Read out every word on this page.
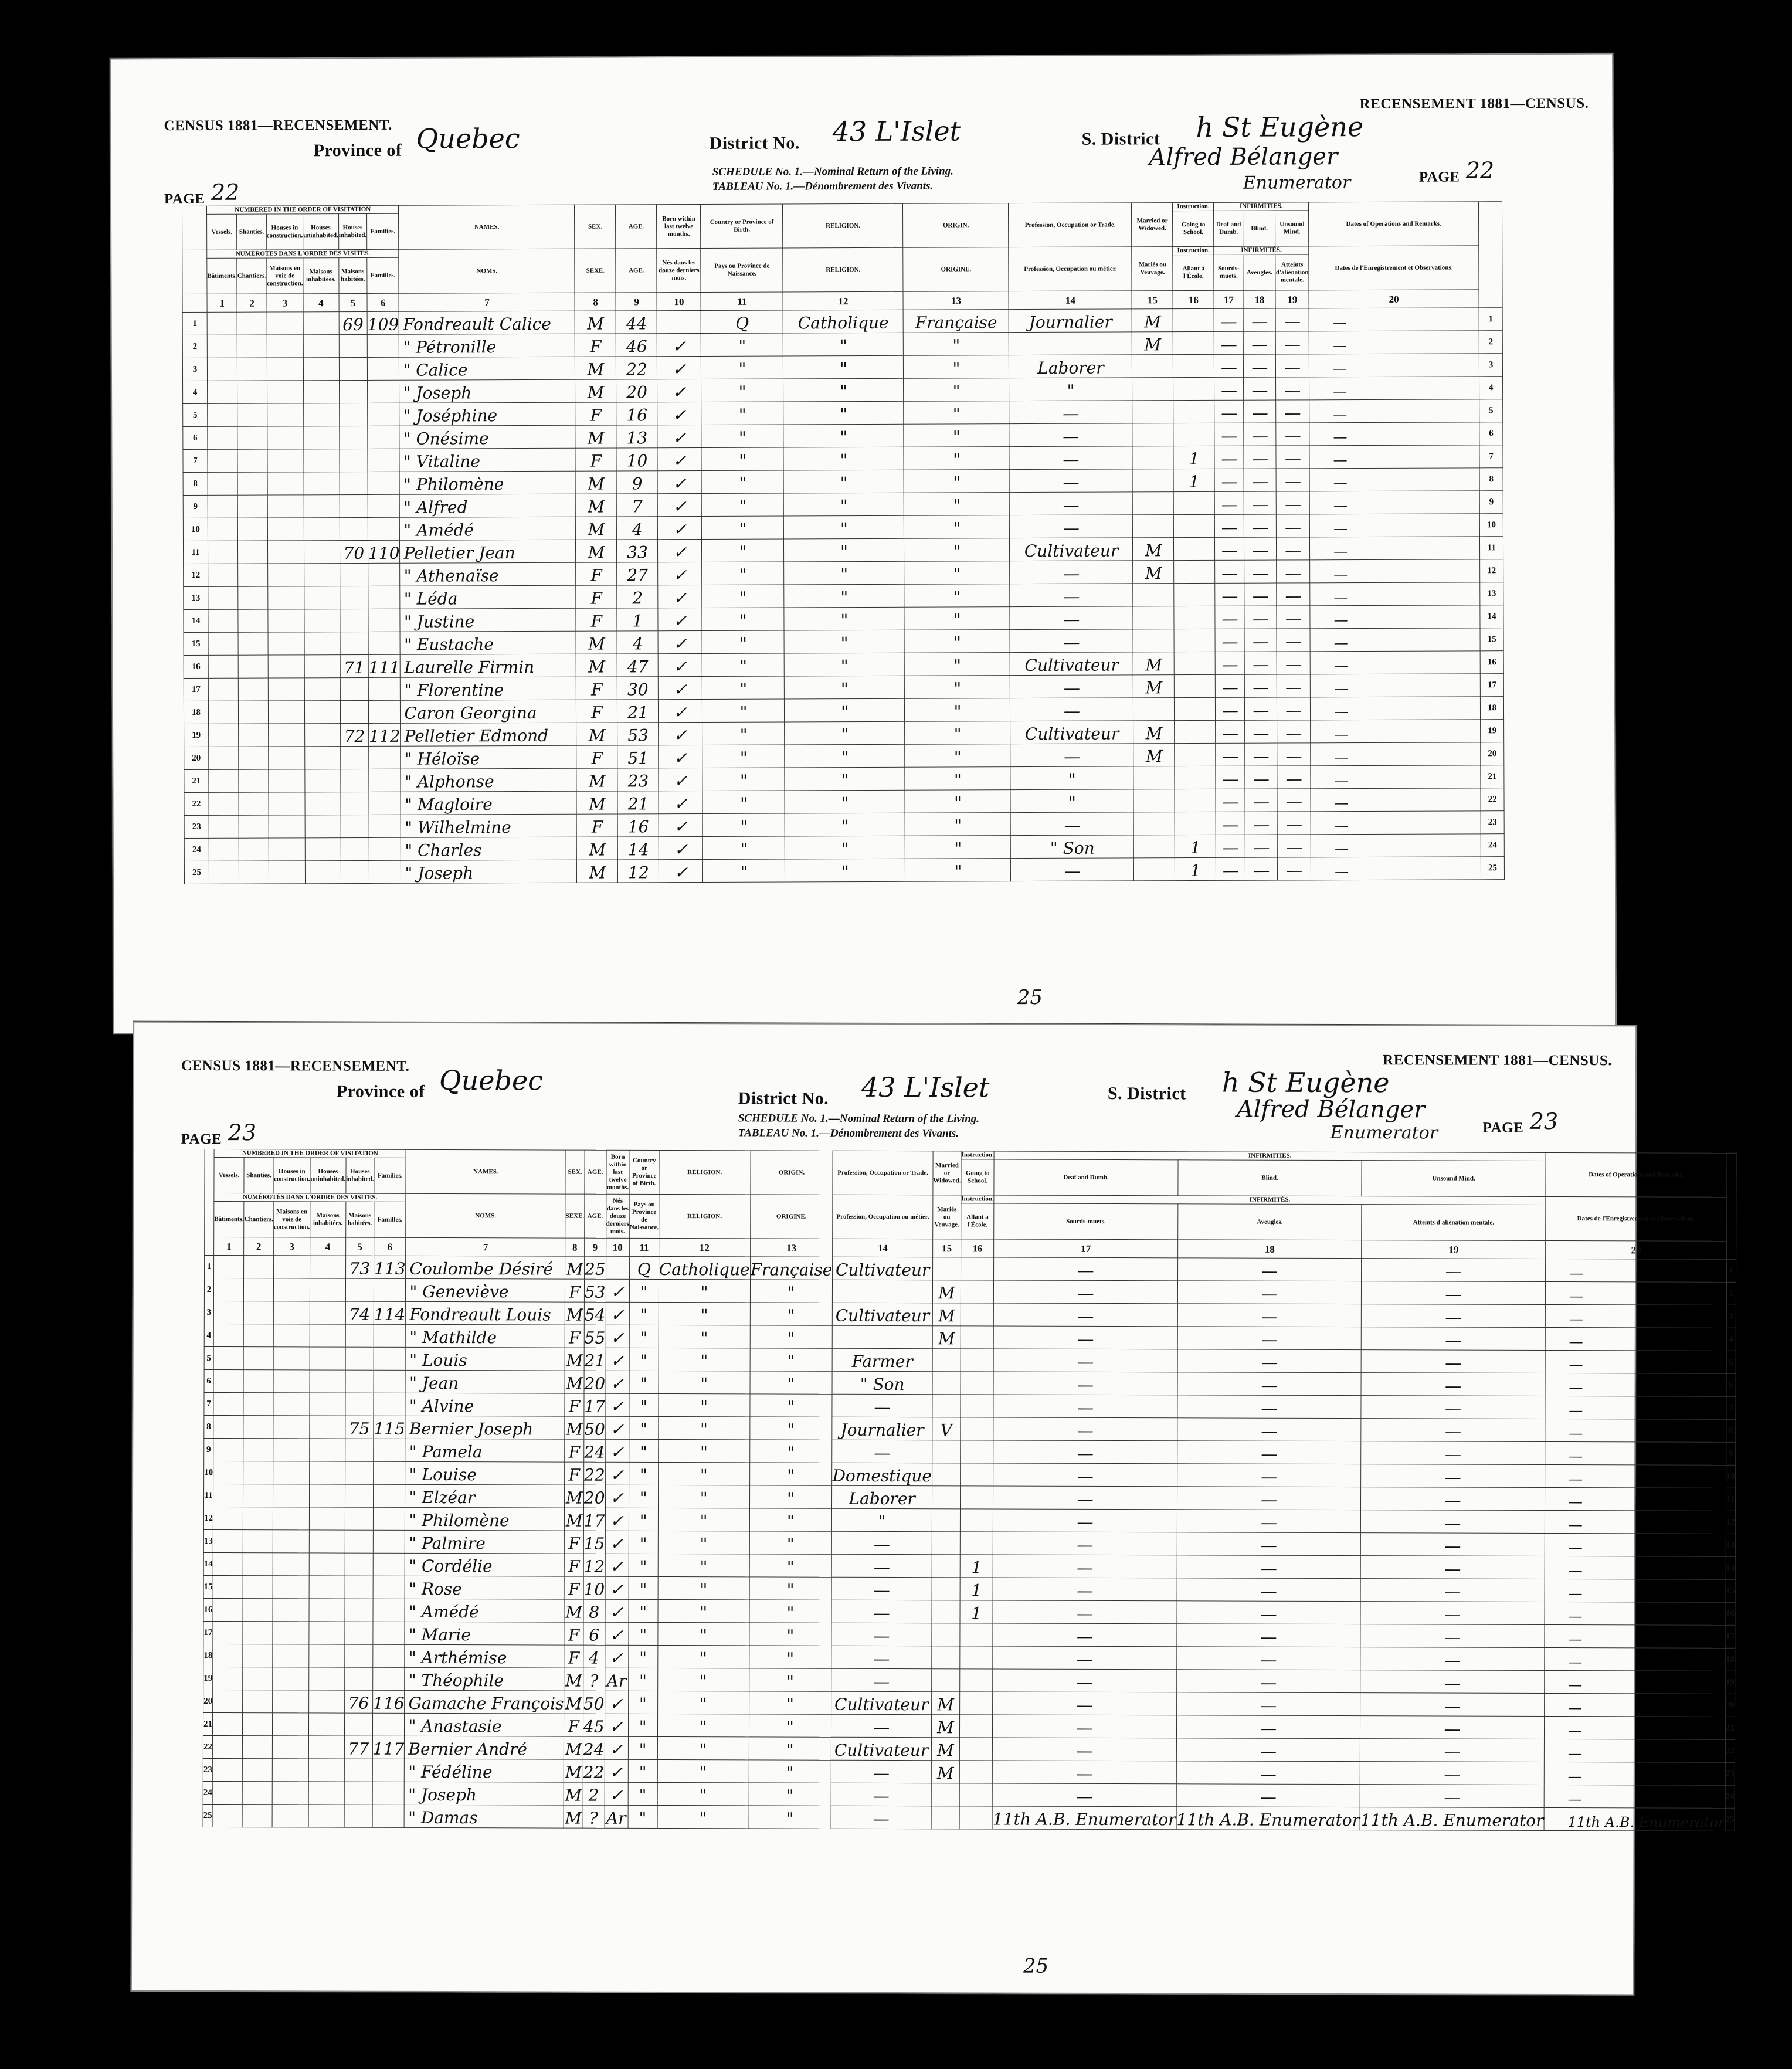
CENSUS 1881—RECENSEMENT.
RECENSEMENT 1881—CENSUS.
Province of Quebec	District No. 43 L'Islet	S. District h St Eugène
SCHEDULE No. 1.—Nominal Return of the Living.
TABLEAU No. 1.—Dénombrement des Vivants.
Alfred Bélanger
Enumerator
PAGE 22
PAGE 22
	NUMBERED IN THE ORDER OF VISITATION						NAMES.	SEX.	AGE.	Born within last twelve months.	Country or Province of Birth.	RELIGION.	ORIGIN.	Profession, Occupation or Trade.	Married or Widowed.	Instruction.	INFIRMITIES.			Dates of Operations and Remarks.	
	Vessels.	Shanties.	Houses in construction.	Houses uninhabited.	Houses inhabited.	Families.										Going to School.	Deaf and Dumb.	Blind.	Unsound Mind.		
	NUMÉROTÉS DANS L'ORDRE DES VISITES.						NOMS.	SEXE.	AGE.	Nés dans les douze derniers mois.	Pays ou Province de Naissance.	RELIGION.	ORIGINE.	Profession, Occupation ou métier.	Mariés ou Veuvage.	Instruction.	INFIRMITÉS.			Dates de l'Enregistrement et Observations.	
	Bâtiments.	Chantiers.	Maisons en voie de construction.	Maisons inhabitées.	Maisons habitées.	Familles.										Allant à l'École.	Sourds-muets.	Aveugles.	Atteints d'aliénation mentale.		
	1	2	3	4	5	6	7	8	9	10	11	12	13	14	15	16	17	18	19	20	
1					69	109	Fondreault Calice	M	44		Q	Catholique	Française	Journalier	M		—	—	—	—	1
2							" Pétronille	F	46	✓	"	"	"		M		—	—	—	—	2
3							" Calice	M	22	✓	"	"	"	Laborer			—	—	—	—	3
4							" Joseph	M	20	✓	"	"	"	"			—	—	—	—	4
5							" Joséphine	F	16	✓	"	"	"	—			—	—	—	—	5
6							" Onésime	M	13	✓	"	"	"	—			—	—	—	—	6
7							" Vitaline	F	10	✓	"	"	"	—		1	—	—	—	—	7
8							" Philomène	M	9	✓	"	"	"	—		1	—	—	—	—	8
9							" Alfred	M	7	✓	"	"	"	—			—	—	—	—	9
10							" Amédé	M	4	✓	"	"	"	—			—	—	—	—	10
11					70	110	Pelletier Jean	M	33	✓	"	"	"	Cultivateur	M		—	—	—	—	11
12							" Athenaïse	F	27	✓	"	"	"	—	M		—	—	—	—	12
13							" Léda	F	2	✓	"	"	"	—			—	—	—	—	13
14							" Justine	F	1	✓	"	"	"	—			—	—	—	—	14
15							" Eustache	M	4	✓	"	"	"	—			—	—	—	—	15
16					71	111	Laurelle Firmin	M	47	✓	"	"	"	Cultivateur	M		—	—	—	—	16
17							" Florentine	F	30	✓	"	"	"	—	M		—	—	—	—	17
18							Caron Georgina	F	21	✓	"	"	"	—			—	—	—	—	18
19					72	112	Pelletier Edmond	M	53	✓	"	"	"	Cultivateur	M		—	—	—	—	19
20							" Héloïse	F	51	✓	"	"	"	—	M		—	—	—	—	20
21							" Alphonse	M	23	✓	"	"	"	"			—	—	—	—	21
22							" Magloire	M	21	✓	"	"	"	"			—	—	—	—	22
23							" Wilhelmine	F	16	✓	"	"	"	—			—	—	—	—	23
24							" Charles	M	14	✓	"	"	"	" Son		1	—	—	—	—	24
25							" Joseph	M	12	✓	"	"	"	—		1	—	—	—	—	25
25
CENSUS 1881—RECENSEMENT.	RECENSEMENT 1881—CENSUS.
Province of Quebec
District No. 43 L'Islet	S. District h St Eugène
SCHEDULE No. 1.—Nominal Return of the Living.
TABLEAU No. 1.—Dénombrement des Vivants.
Alfred Bélanger
Enumerator
PAGE 23	PAGE 23
	NUMBERED IN THE ORDER OF VISITATION						NAMES.	SEX.	AGE.	Born within last twelve months.	Country or Province of Birth.	RELIGION.	ORIGIN.	Profession, Occupation or Trade.	Married or Widowed.	Instruction.	INFIRMITIES.			Dates of Operations and Remarks.	
	Vessels.	Shanties.	Houses in construction.	Houses uninhabited.	Houses inhabited.	Families.										Going to School.	Deaf and Dumb.	Blind.	Unsound Mind.		
	NUMÉROTÉS DANS L'ORDRE DES VISITES.						NOMS.	SEXE.	AGE.	Nés dans les douze derniers mois.	Pays ou Province de Naissance.	RELIGION.	ORIGINE.	Profession, Occupation ou métier.	Mariés ou Veuvage.	Instruction.	INFIRMITÉS.			Dates de l'Enregistrement et Observations.	
	Bâtiments.	Chantiers.	Maisons en voie de construction.	Maisons inhabitées.	Maisons habitées.	Familles.										Allant à l'École.	Sourds-muets.	Aveugles.	Atteints d'aliénation mentale.		
	1	2	3	4	5	6	7	8	9	10	11	12	13	14	15	16	17	18	19	20	
1					73	113	Coulombe Désiré	M	25		Q	Catholique	Française	Cultivateur			—	—	—	—	1
2							" Geneviève	F	53	✓	"	"	"		M		—	—	—	—	2
3					74	114	Fondreault Louis	M	54	✓	"	"	"	Cultivateur	M		—	—	—	—	3
4							" Mathilde	F	55	✓	"	"	"		M		—	—	—	—	4
5							" Louis	M	21	✓	"	"	"	Farmer			—	—	—	—	5
6							" Jean	M	20	✓	"	"	"	" Son			—	—	—	—	6
7							" Alvine	F	17	✓	"	"	"	—			—	—	—	—	7
8					75	115	Bernier Joseph	M	50	✓	"	"	"	Journalier	V		—	—	—	—	8
9							" Pamela	F	24	✓	"	"	"	—			—	—	—	—	9
10							" Louise	F	22	✓	"	"	"	Domestique			—	—	—	—	10
11							" Elzéar	M	20	✓	"	"	"	Laborer			—	—	—	—	11
12							" Philomène	M	17	✓	"	"	"	"			—	—	—	—	12
13							" Palmire	F	15	✓	"	"	"	—			—	—	—	—	13
14							" Cordélie	F	12	✓	"	"	"	—		1	—	—	—	—	14
15							" Rose	F	10	✓	"	"	"	—		1	—	—	—	—	15
16							" Amédé	M	8	✓	"	"	"	—		1	—	—	—	—	16
17							" Marie	F	6	✓	"	"	"	—			—	—	—	—	17
18							" Arthémise	F	4	✓	"	"	"	—			—	—	—	—	18
19							" Théophile	M	?	Ar	"	"	"	—			—	—	—	—	19
20					76	116	Gamache François	M	50	✓	"	"	"	Cultivateur	M		—	—	—	—	20
21							" Anastasie	F	45	✓	"	"	"	—	M		—	—	—	—	21
22					77	117	Bernier André	M	24	✓	"	"	"	Cultivateur	M		—	—	—	—	22
23							" Fédéline	M	22	✓	"	"	"	—	M		—	—	—	—	23
24							" Joseph	M	2	✓	"	"	"	—			—	—	—	—	24
25							" Damas	M	?	Ar	"	"	"	—			11th A.B. Enumerator	11th A.B. Enumerator	11th A.B. Enumerator	11th A.B. Enumerator	25
25
